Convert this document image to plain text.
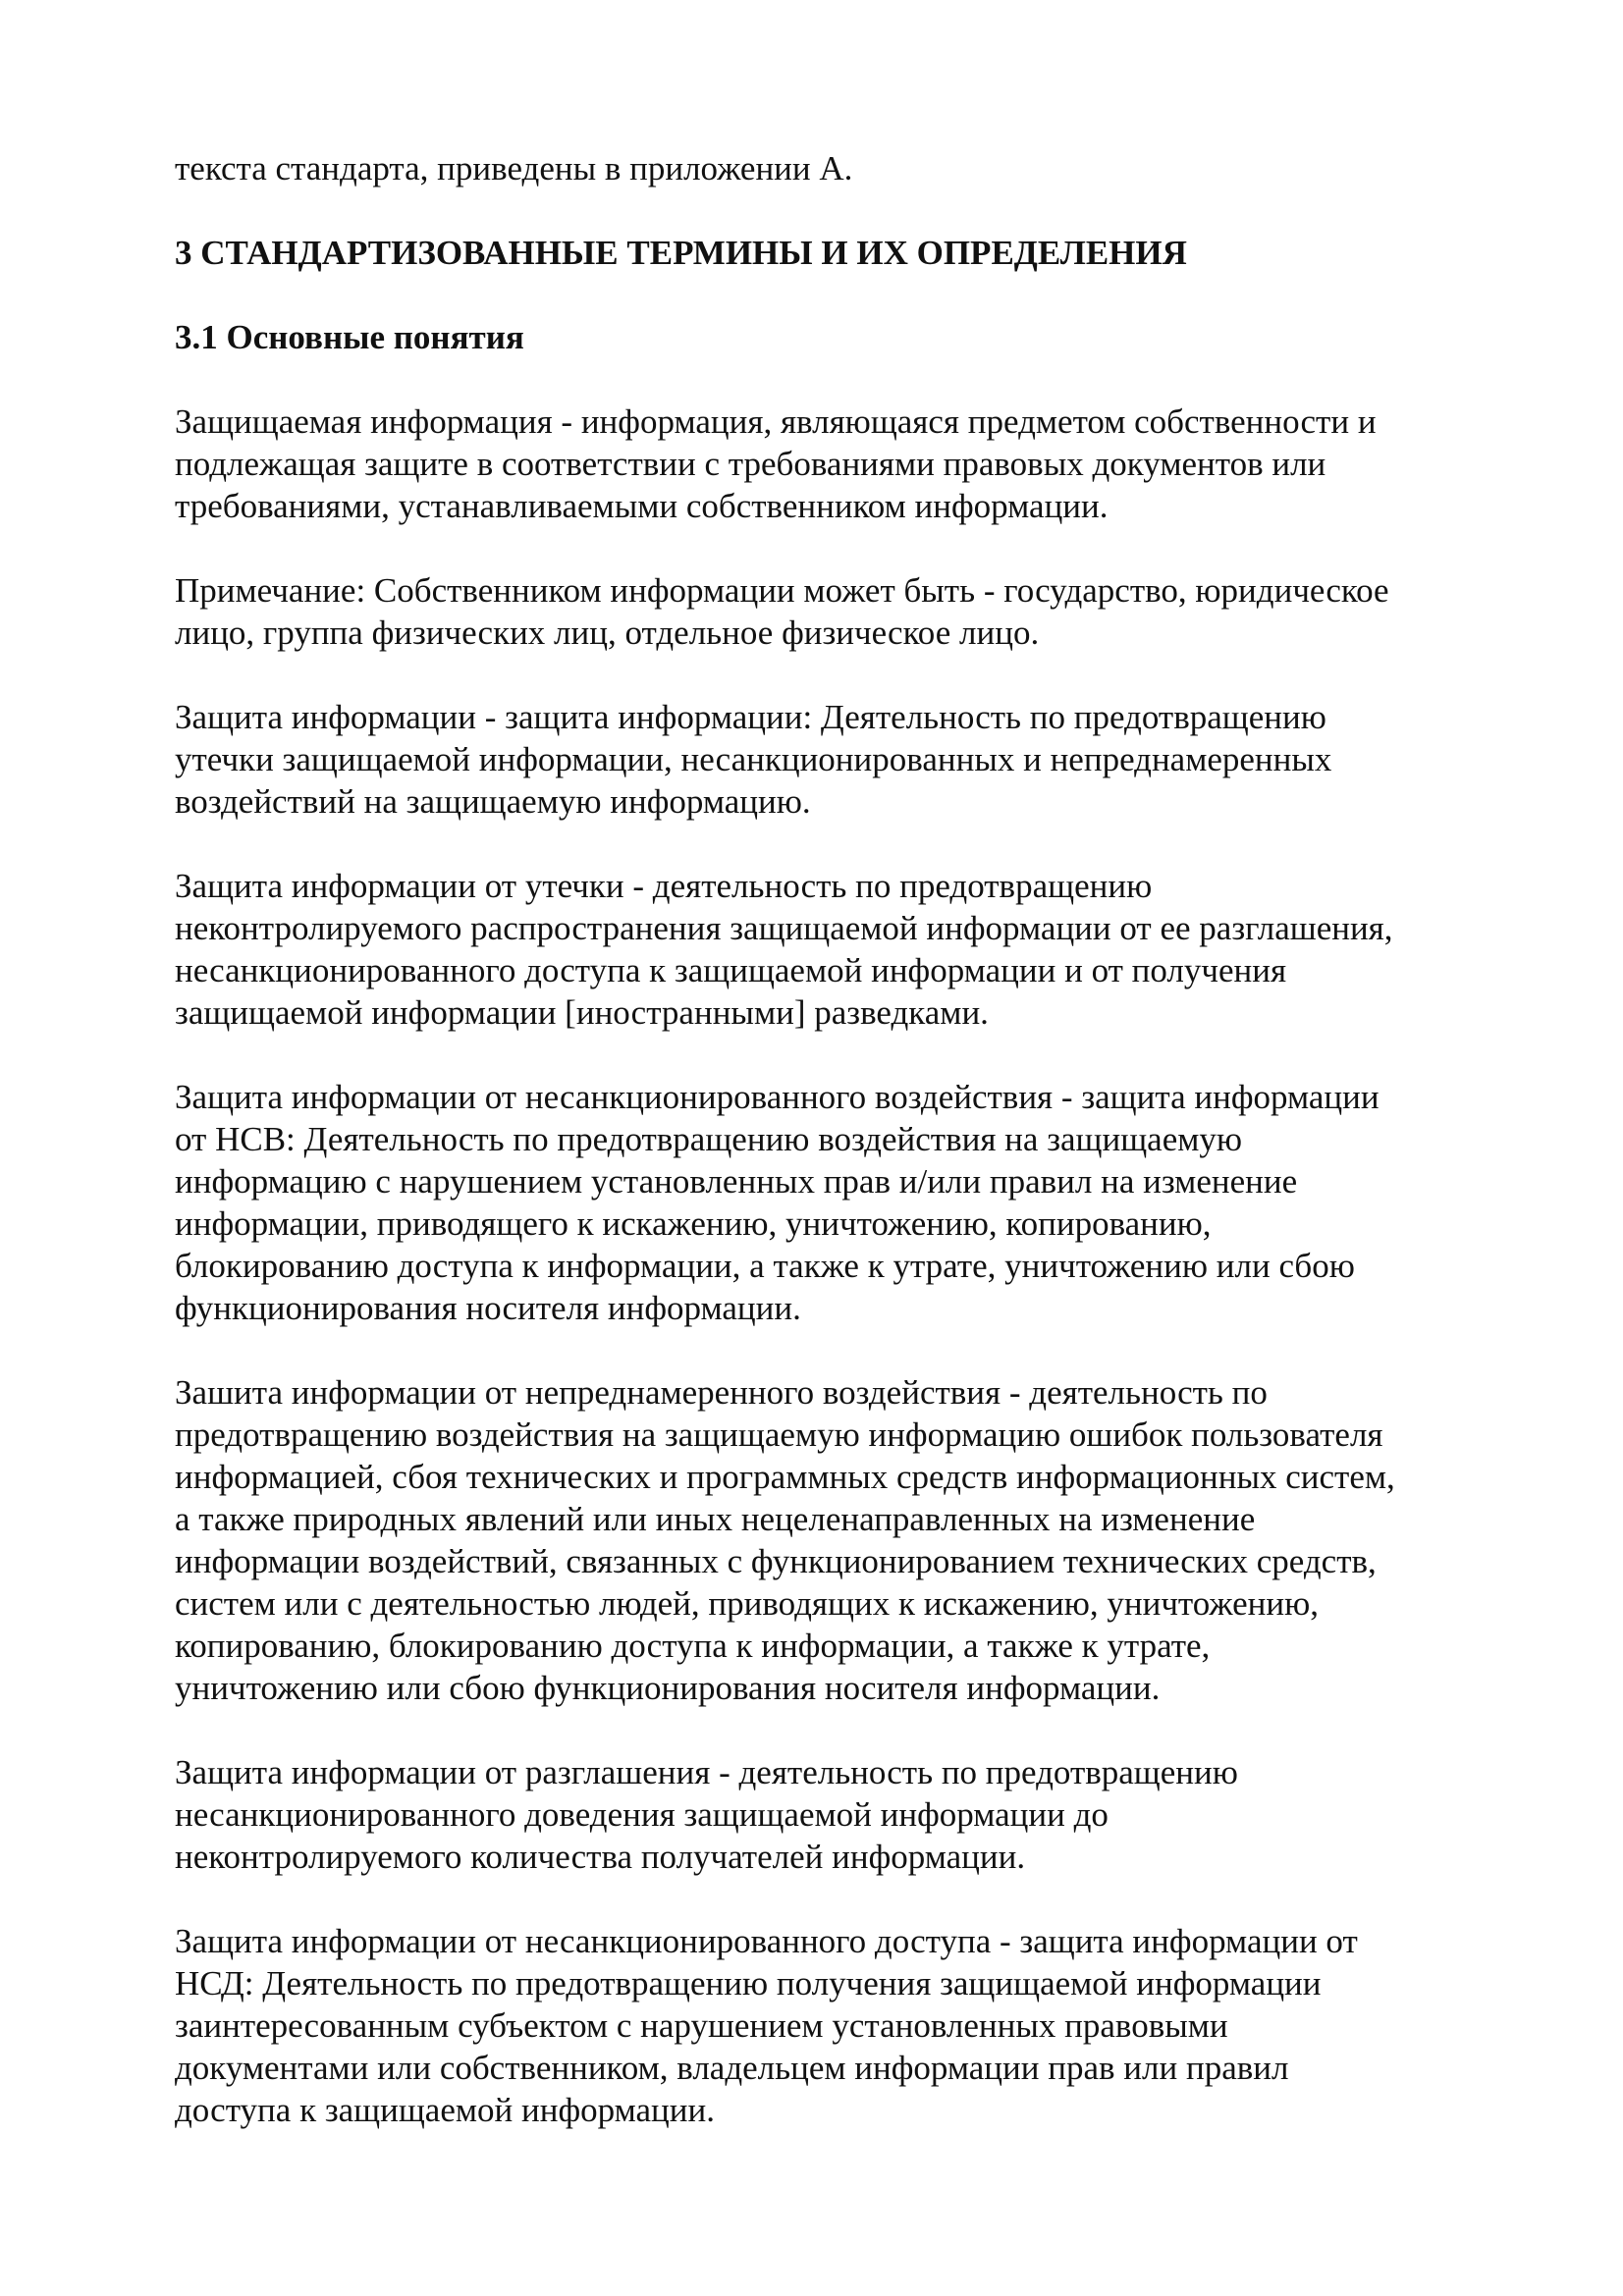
текста стандарта, приведены в приложении А.

3 СТАНДАРТИЗОВАННЫЕ ТЕРМИНЫ И ИХ ОПРЕДЕЛЕНИЯ
3.1 Основные понятия

Защищаемая информация - информация, являющаяся предметом собственности и

подлежащая защите в соответствии с требованиями правовых документов или

требованиями, устанавливаемыми собственником информации.

Примечание: Собственником информации может быть - государство, юридическое

лицо, группа физических лиц, отдельное физическое лицо.

Защита информации - защита информации: Деятельность по предотвращению

утечки защищаемой информации, несанкционированных и непреднамеренных

воздействий на защищаемую информацию.

Защита информации от утечки - деятельность по предотвращению

неконтролируемого распространения защищаемой информации от ее разглашения,

несанкционированного доступа к защищаемой информации и от получения

защищаемой информации [иностранными] разведками.

Защита информации от несанкционированного воздействия - защита информации

от НСВ: Деятельность по предотвращению воздействия на защищаемую

информацию с нарушением установленных прав и/или правил на изменение

информации, приводящего к искажению, уничтожению, копированию,

блокированию доступа к информации, а также к утрате, уничтожению или сбою

функционирования носителя информации.

Зашита информации от непреднамеренного воздействия - деятельность по

предотвращению воздействия на защищаемую информацию ошибок пользователя

информацией, сбоя технических и программных средств информационных систем,

а также природных явлений или иных нецеленаправленных на изменение

информации воздействий, связанных с функционированием технических средств,

систем или с деятельностью людей, приводящих к искажению, уничтожению,

копированию, блокированию доступа к информации, а также к утрате,

уничтожению или сбою функционирования носителя информации.

Защита информации от разглашения - деятельность по предотвращению

несанкционированного доведения защищаемой информации до

неконтролируемого количества получателей информации.

Защита информации от несанкционированного доступа - защита информации от

НСД: Деятельность по предотвращению получения защищаемой информации

заинтересованным субъектом с нарушением установленных правовыми

документами или собственником, владельцем информации прав или правил

доступа к защищаемой информации.
